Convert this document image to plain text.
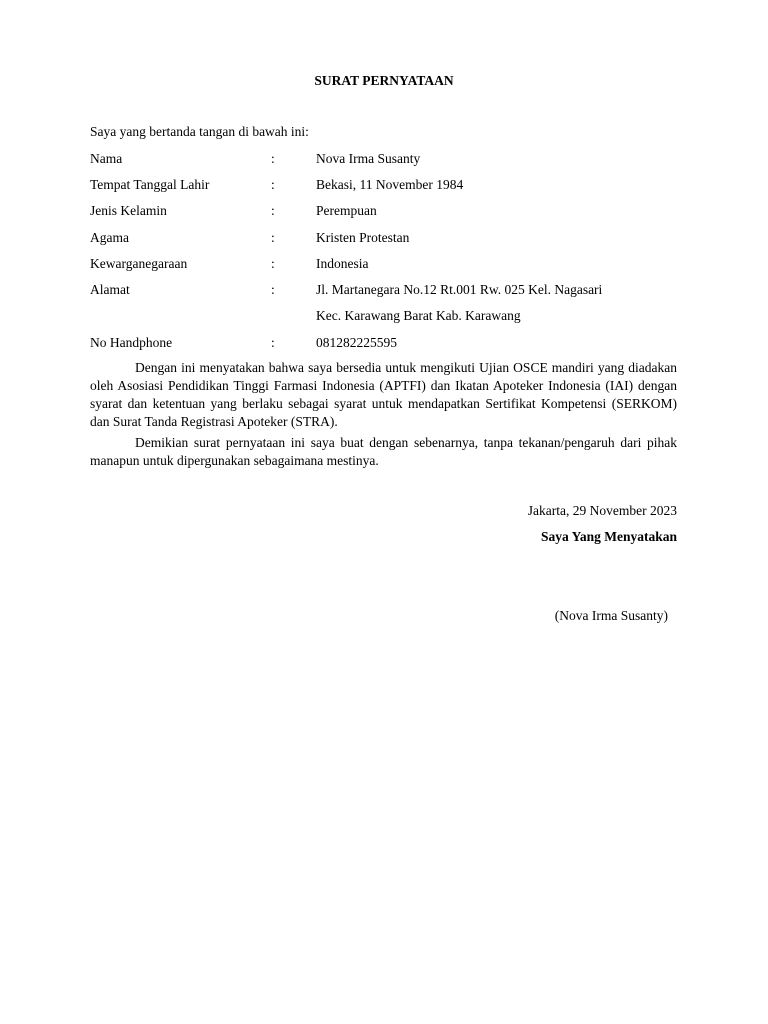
SURAT PERNYATAAN
Saya yang bertanda tangan di bawah ini:
Nama	:	Nova Irma Susanty
Tempat Tanggal Lahir	:	Bekasi, 11 November 1984
Jenis Kelamin	:	Perempuan
Agama	:	Kristen Protestan
Kewarganegaraan	:	Indonesia
Alamat	:	Jl. Martanegara No.12 Rt.001 Rw. 025 Kel. Nagasari
Kec. Karawang Barat Kab. Karawang
No Handphone	:	081282225595
Dengan ini menyatakan bahwa saya bersedia untuk mengikuti Ujian OSCE mandiri yang diadakan oleh Asosiasi Pendidikan Tinggi Farmasi Indonesia (APTFI) dan Ikatan Apoteker Indonesia (IAI) dengan syarat dan ketentuan yang berlaku sebagai syarat untuk mendapatkan Sertifikat Kompetensi (SERKOM) dan Surat Tanda Registrasi Apoteker (STRA).
Demikian surat pernyataan ini saya buat dengan sebenarnya, tanpa tekanan/pengaruh dari pihak manapun untuk dipergunakan sebagaimana mestinya.
Jakarta, 29 November 2023
Saya Yang Menyatakan
(Nova Irma Susanty)
